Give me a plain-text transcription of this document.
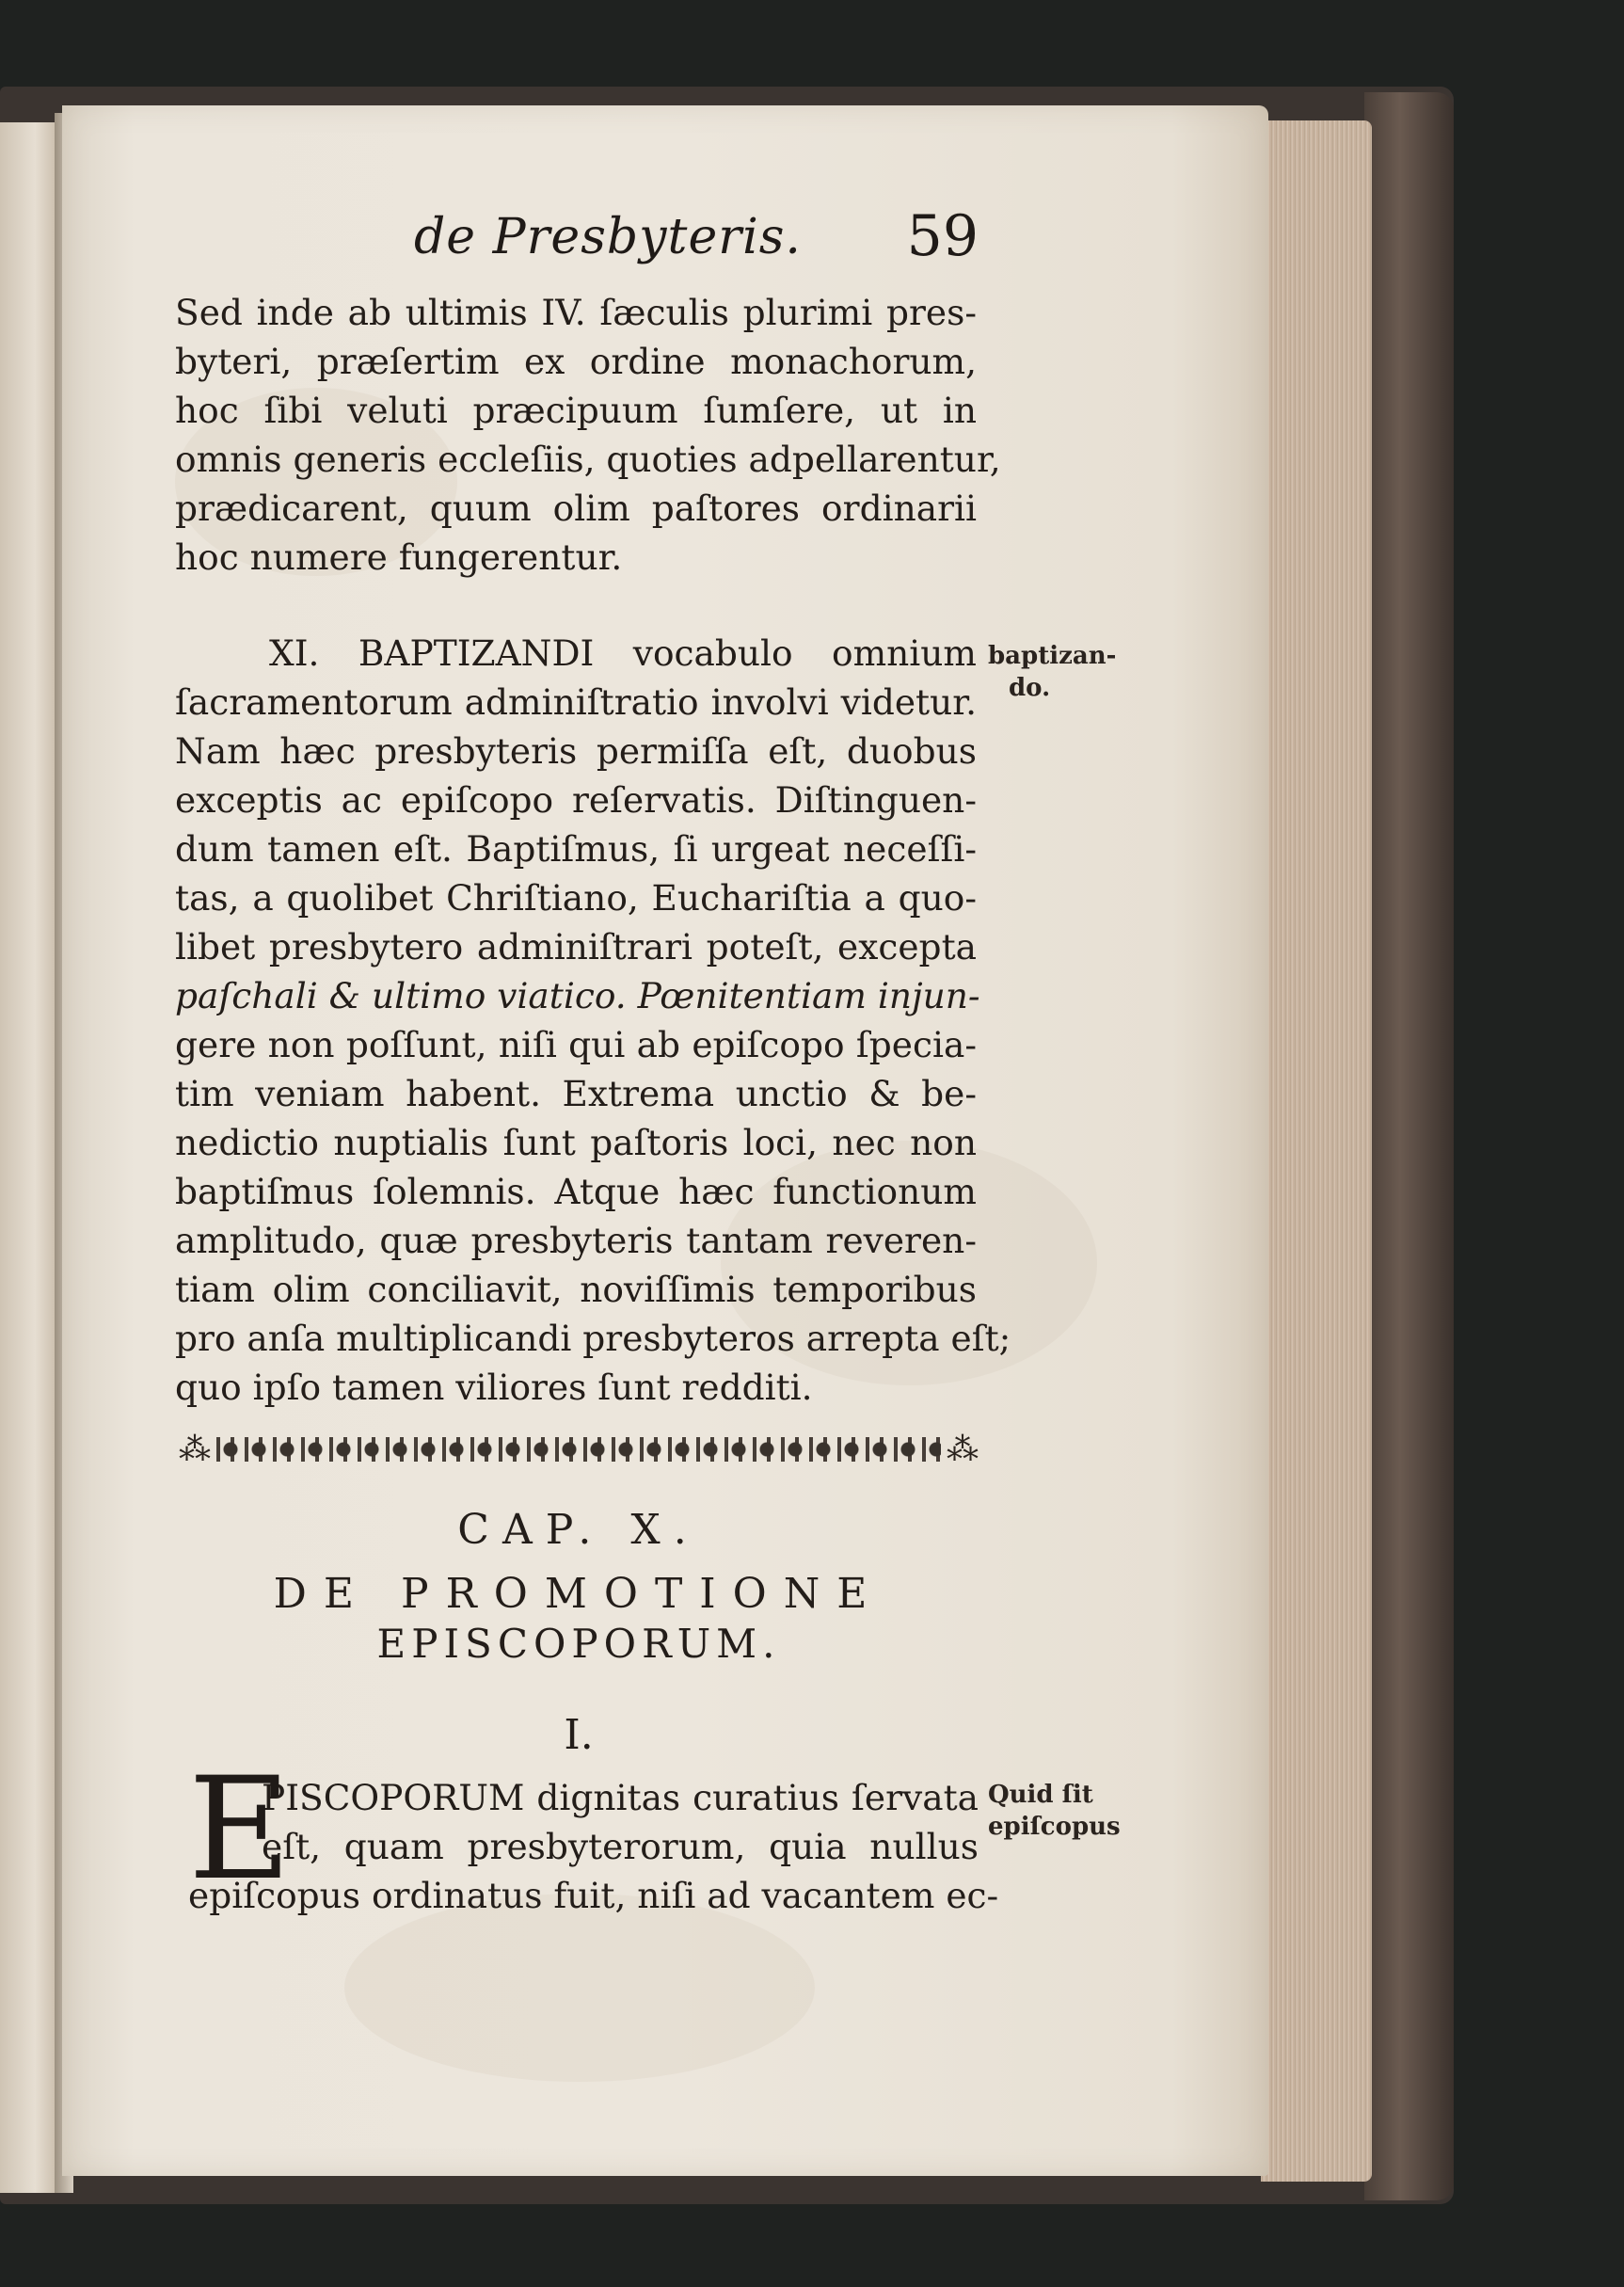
de Presbyteris. 59
Sed inde ab ultimis IV. ſæculis plurimi pres-
byteri, præſertim ex ordine monachorum,
hoc ſibi veluti præcipuum ſumſere, ut in
omnis generis eccleſiis, quoties adpellarentur,
prædicarent, quum olim paſtores ordinarii
hoc numere fungerentur.
XI. BAPTIZANDI vocabulo omnium
ſacramentorum adminiſtratio involvi videtur.
Nam hæc presbyteris permiſſa eſt, duobus
exceptis ac epiſcopo reſervatis. Diſtinguen-
dum tamen eſt. Baptiſmus, ſi urgeat neceſſi-
tas, a quolibet Chriſtiano, Euchariſtia a quo-
libet presbytero adminiſtrari poteſt, excepta
paſchali & ultimo viatico. Pœnitentiam injun-
gere non poſſunt, niſi qui ab epiſcopo ſpecia-
tim veniam habent. Extrema unctio & be-
nedictio nuptialis ſunt paſtoris loci, nec non
baptiſmus ſolemnis. Atque hæc functionum
amplitudo, quæ presbyteris tantam reveren-
tiam olim conciliavit, noviſſimis temporibus
pro anſa multiplicandi presbyteros arrepta eſt;
quo ipſo tamen viliores ſunt redditi.
baptizan-
do.
⁂	⁂
CAP. X.
DE PROMOTIONE
EPISCOPORUM.
I.
E
PISCOPORUM dignitas curatius ſervata
eſt, quam presbyterorum, quia nullus
epiſcopus ordinatus fuit, niſi ad vacantem ec-
Quid ſit
epiſcopus
